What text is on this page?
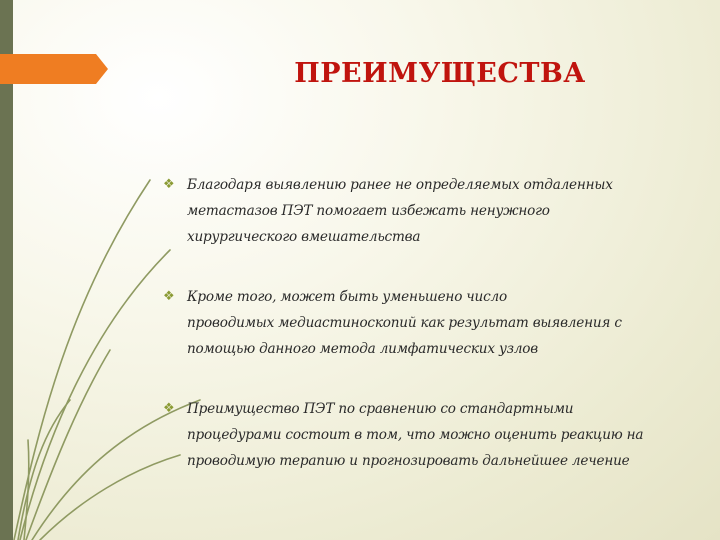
ПРЕИМУЩЕСТВА
❖ Благодаря выявлению ранее не определяемых отдаленных
метастазов ПЭТ помогает избежать ненужного
хирургического вмешательства
❖ Кроме того, может быть уменьшено число
проводимых медиастиноскопий как результат выявления с
помощью данного метода лимфатических узлов
❖ Преимущество ПЭТ по сравнению со стандартными
процедурами состоит в том, что можно оценить реакцию на
проводимую терапию и прогнозировать дальнейшее лечение
